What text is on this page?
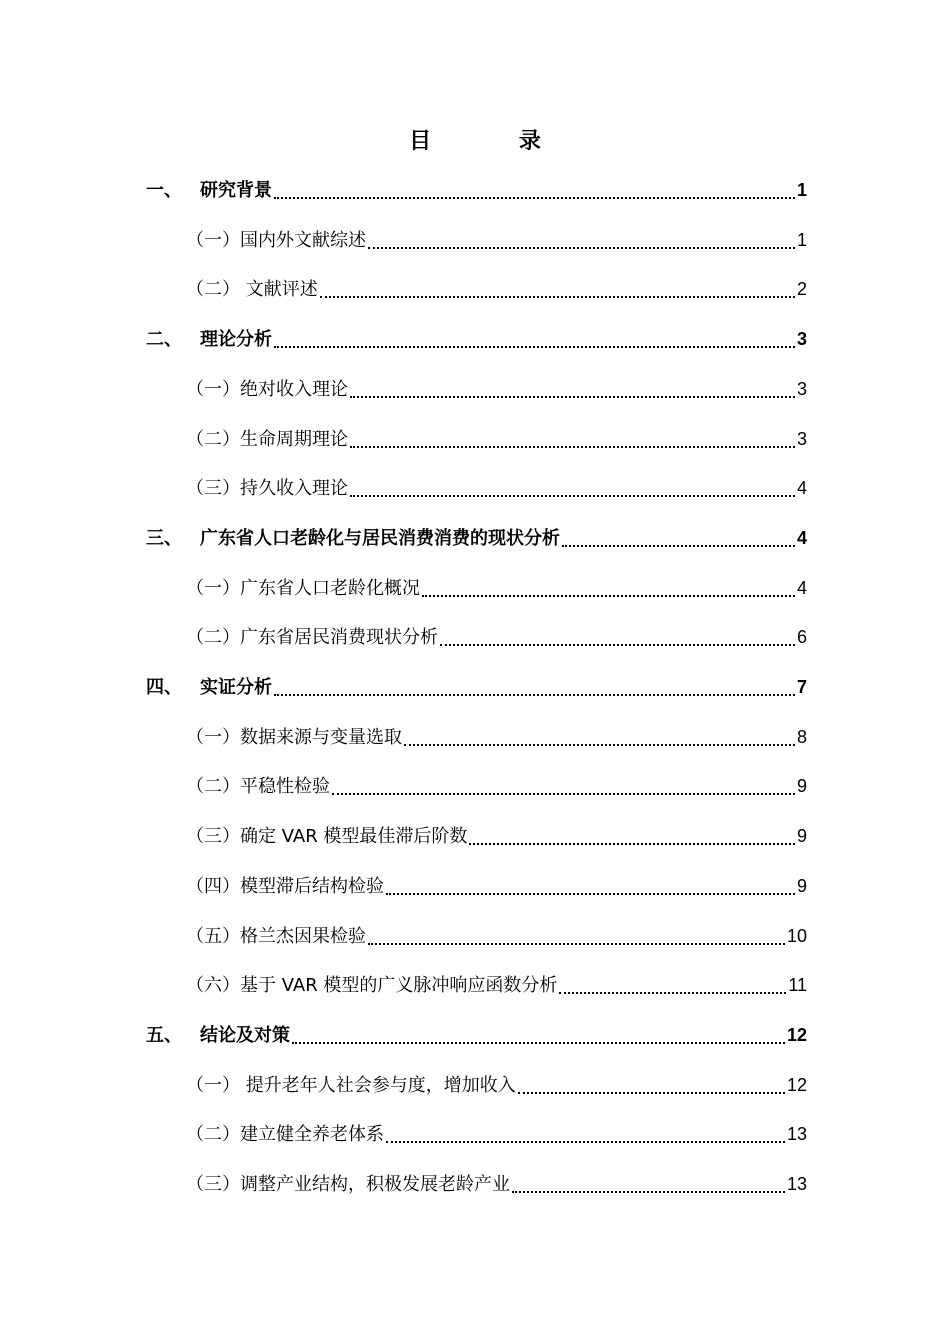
目 录
一、	研究背景	1
（一）国内外文献综述	1
（二） 文献评述	2
二、	理论分析	3
（一）绝对收入理论	3
（二）生命周期理论	3
（三）持久收入理论	4
三、	广东省人口老龄化与居民消费消费的现状分析	4
（一）广东省人口老龄化概况	4
（二）广东省居民消费现状分析	6
四、	实证分析	7
（一）数据来源与变量选取	8
（二）平稳性检验	9
（三）确定 VAR 模型最佳滞后阶数	9
（四）模型滞后结构检验	9
（五）格兰杰因果检验	10
（六）基于 VAR 模型的广义脉冲响应函数分析	11
五、	结论及对策	12
（一） 提升老年人社会参与度，增加收入	12
（二）建立健全养老体系	13
（三）调整产业结构，积极发展老龄产业	13
